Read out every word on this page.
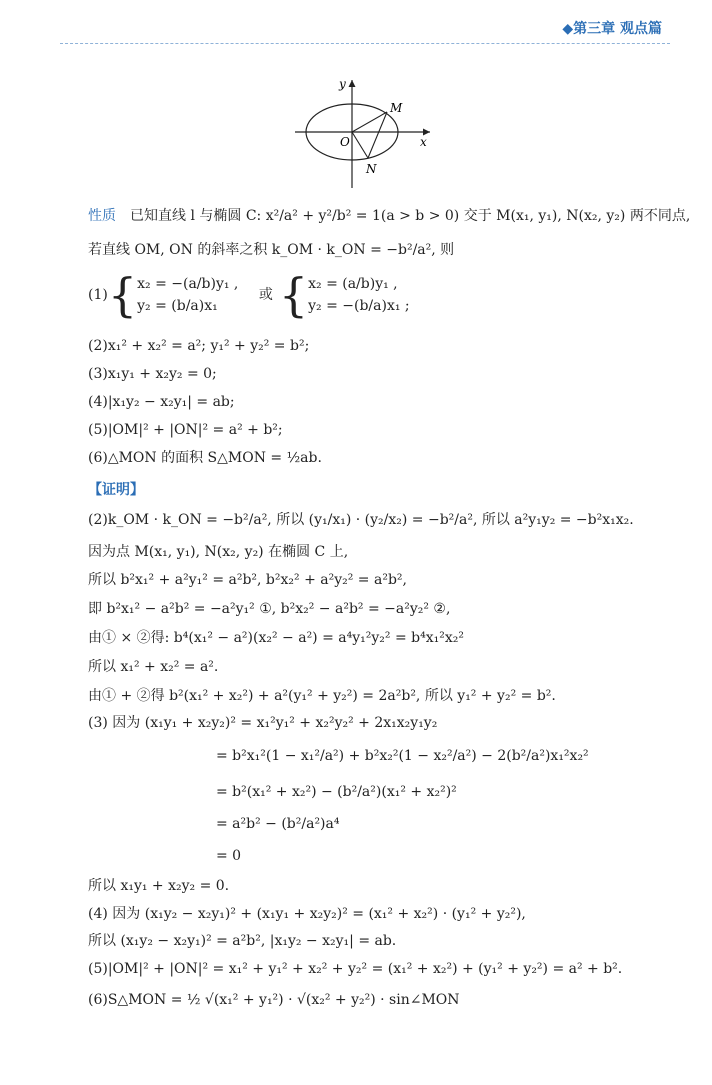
◆第三章 观点篇
y
x
M
O
N
性质 已知直线 l 与椭圆 C: x²/a² + y²/b² = 1(a > b > 0) 交于 M(x₁, y₁), N(x₂, y₂) 两不同点,
若直线 OM, ON 的斜率之积 k_OM · k_ON = −b²/a², 则
(1){ x₂ = −(a/b)y₁ ,
y₂ = (b/a)x₁
或 { x₂ = (a/b)y₁ ,
y₂ = −(b/a)x₁ ;
(2)x₁² + x₂² = a²; y₁² + y₂² = b²;
(3)x₁y₁ + x₂y₂ = 0;
(4)|x₁y₂ − x₂y₁| = ab;
(5)|OM|² + |ON|² = a² + b²;
(6)△MON 的面积 S△MON = ½ab.
【证明】
(2)k_OM · k_ON = −b²/a², 所以 (y₁/x₁) · (y₂/x₂) = −b²/a², 所以 a²y₁y₂ = −b²x₁x₂.
因为点 M(x₁, y₁), N(x₂, y₂) 在椭圆 C 上,
所以 b²x₁² + a²y₁² = a²b², b²x₂² + a²y₂² = a²b²,
即 b²x₁² − a²b² = −a²y₁² ①, b²x₂² − a²b² = −a²y₂² ②,
由① × ②得: b⁴(x₁² − a²)(x₂² − a²) = a⁴y₁²y₂² = b⁴x₁²x₂²
所以 x₁² + x₂² = a².
由① + ②得 b²(x₁² + x₂²) + a²(y₁² + y₂²) = 2a²b², 所以 y₁² + y₂² = b².
(3) 因为 (x₁y₁ + x₂y₂)² = x₁²y₁² + x₂²y₂² + 2x₁x₂y₁y₂
= b²x₁²(1 − x₁²/a²) + b²x₂²(1 − x₂²/a²) − 2(b²/a²)x₁²x₂²
= b²(x₁² + x₂²) − (b²/a²)(x₁² + x₂²)²
= a²b² − (b²/a²)a⁴
= 0
所以 x₁y₁ + x₂y₂ = 0.
(4) 因为 (x₁y₂ − x₂y₁)² + (x₁y₁ + x₂y₂)² = (x₁² + x₂²) · (y₁² + y₂²),
所以 (x₁y₂ − x₂y₁)² = a²b², |x₁y₂ − x₂y₁| = ab.
(5)|OM|² + |ON|² = x₁² + y₁² + x₂² + y₂² = (x₁² + x₂²) + (y₁² + y₂²) = a² + b².
(6)S△MON = ½ √(x₁² + y₁²) · √(x₂² + y₂²) · sin∠MON
